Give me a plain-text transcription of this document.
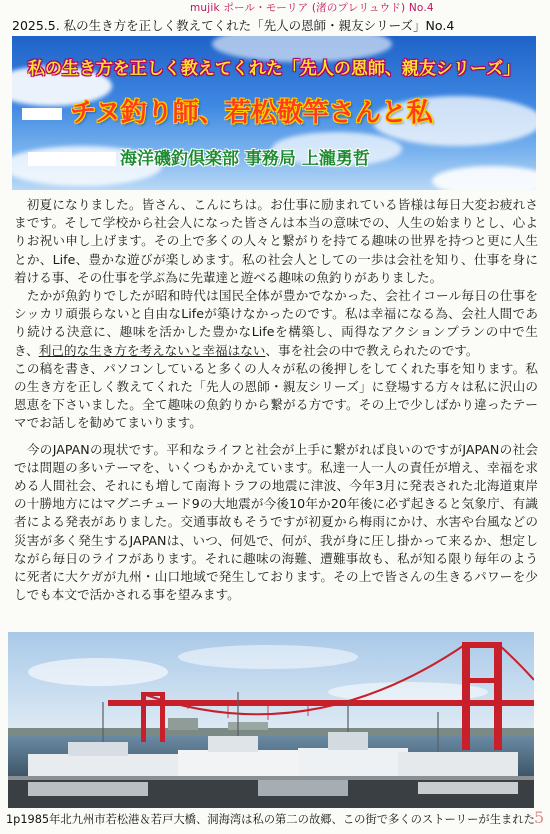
mujik ポール・モーリア (渚のプレリュウド) No.4
2025.5. 私の生き方を正しく教えてくれた「先人の恩師・親友シリーズ」No.4
私の生き方を正しく教えてくれた「先人の恩師、親友シリーズ」
チヌ釣り師、若松敬竿さんと私
海洋磯釣倶楽部 事務局 上瀧勇哲

　初夏になりました。皆さん、こんにちは。お仕事に励まれている皆様は毎日大変お疲れさまです。そして学校から社会人になった皆さんは本当の意味での、人生の始まりとし、心よりお祝い申し上げます。その上で多くの人々と繋がりを持てる趣味の世界を持つと更に人生とか、Life、豊かな遊びが楽しめます。私の社会人としての一歩は会社を知り、仕事を身に着ける事、その仕事を学ぶ為に先輩達と遊べる趣味の魚釣りがありました。

　たかが魚釣りでしたが昭和時代は国民全体が豊かでなかった、会社イコール毎日の仕事をシッカリ頑張らないと自由なLifeが築けなかったのです。私は幸福になる為、会社人間であり続ける決意に、趣味を活かした豊かなLifeを構築し、両得なアクションプランの中で生き、利己的な生き方を考えないと幸福はない、事を社会の中で教えられたのです。

この稿を書き、パソコンしていると多くの人々が私の後押しをしてくれた事を知ります。私の生き方を正しく教えてくれた「先人の恩師・親友シリーズ」に登場する方々は私に沢山の恩恵を下さいました。全て趣味の魚釣りから繋がる方です。その上で少しばかり違ったテーマでお話しを勧めてまいります。

　今のJAPANの現状です。平和なライフと社会が上手に繋がれば良いのですがJAPANの社会では問題の多いテーマを、いくつもかかえています。私達一人一人の責任が増え、幸福を求める人間社会、それにも増して南海トラフの地震に津波、今年3月に発表された北海道東岸の十勝地方にはマグニチュード9の大地震が今後10年か20年後に必ず起きると気象庁、有識者による発表がありました。交通事故もそうですが初夏から梅雨にかけ、水害や台風などの災害が多く発生するJAPANは、いつ、何処で、何が、我が身に圧し掛かって来るか、想定しながら毎日のライフがあります。それに趣味の海難、遭難事故も、私が知る限り毎年のように死者に大ケガが九州・山口地域で発生しております。その上で皆さんの生きるパワーを少しでも本文で活かされる事を望みます。

1p1985年北九州市若松港＆若戸大橋、洞海湾は私の第二の故郷、この街で多くのストーリーが生まれた 5
